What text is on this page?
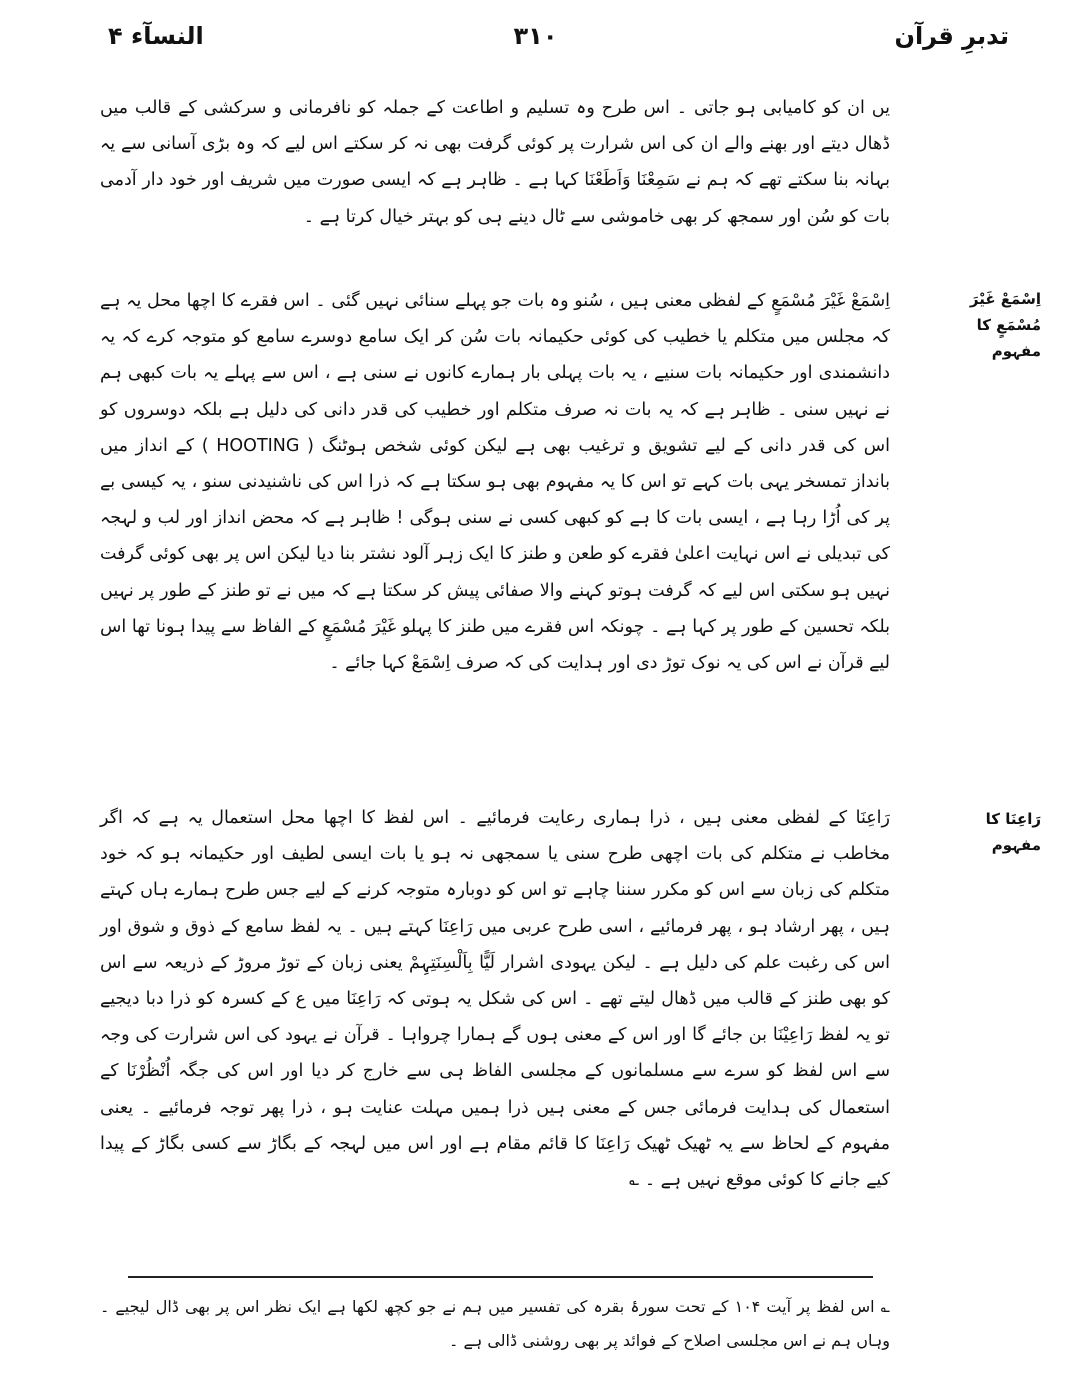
تدبرِ قرآن
۳۱۰
النسآء ۴

یں ان کو کامیابی ہو جاتی ۔ اس طرح وہ تسلیم و اطاعت کے جملہ کو نافرمانی و سرکشی کے قالب میں ڈھال دیتے اور بھنے والے ان کی اس شرارت پر کوئی گرفت بھی نہ کر سکتے اس لیے کہ وہ بڑی آسانی سے یہ بہانہ بنا سکتے تھے کہ ہم نے سَمِعْنَا وَاَطَعْنَا کہا ہے ۔ ظاہر ہے کہ ایسی صورت میں شریف اور خود دار آدمی بات کو سُن اور سمجھ کر بھی خاموشی سے ٹال دینے ہی کو بہتر خیال کرتا ہے ۔

اِسْمَعْ غَیْرَ مُسْمَعٍ کا مفہوم

اِسْمَعْ غَیْرَ مُسْمَعٍ کے لفظی معنی ہیں ، سُنو وہ بات جو پہلے سنائی نہیں گئی ۔ اس فقرے کا اچھا محل یہ ہے کہ مجلس میں متکلم یا خطیب کی کوئی حکیمانہ بات سُن کر ایک سامع دوسرے سامع کو متوجہ کرے کہ یہ دانشمندی اور حکیمانہ بات سنیے ، یہ بات پہلی بار ہمارے کانوں نے سنی ہے ، اس سے پہلے یہ بات کبھی ہم نے نہیں سنی ۔ ظاہر ہے کہ یہ بات نہ صرف متکلم اور خطیب کی قدر دانی کی دلیل ہے بلکہ دوسروں کو اس کی قدر دانی کے لیے تشویق و ترغیب بھی ہے لیکن کوئی شخص ہوٹنگ ( HOOTING ) کے انداز میں بانداز تمسخر یہی بات کہے تو اس کا یہ مفہوم بھی ہو سکتا ہے کہ ذرا اس کی ناشنیدنی سنو ، یہ کیسی بے پر کی اُڑا رہا ہے ، ایسی بات کا ہے کو کبھی کسی نے سنی ہوگی ! ظاہر ہے کہ محض انداز اور لب و لہجہ کی تبدیلی نے اس نہایت اعلیٰ فقرے کو طعن و طنز کا ایک زہر آلود نشتر بنا دیا لیکن اس پر بھی کوئی گرفت نہیں ہو سکتی اس لیے کہ گرفت ہوتو کہنے والا صفائی پیش کر سکتا ہے کہ میں نے تو طنز کے طور پر نہیں بلکہ تحسین کے طور پر کہا ہے ۔ چونکہ اس فقرے میں طنز کا پہلو غَیْرَ مُسْمَعٍ کے الفاظ سے پیدا ہونا تھا اس لیے قرآن نے اس کی یہ نوک توڑ دی اور ہدایت کی کہ صرف اِسْمَعْ کہا جائے ۔

رَاعِنَا کا مفہوم

رَاعِنَا کے لفظی معنی ہیں ، ذرا ہماری رعایت فرمائیے ۔ اس لفظ کا اچھا محل استعمال یہ ہے کہ اگر مخاطب نے متکلم کی بات اچھی طرح سنی یا سمجھی نہ ہو یا بات ایسی لطیف اور حکیمانہ ہو کہ خود متکلم کی زبان سے اس کو مکرر سننا چاہے تو اس کو دوبارہ متوجہ کرنے کے لیے جس طرح ہمارے ہاں کہتے ہیں ، پھر ارشاد ہو ، پھر فرمائیے ، اسی طرح عربی میں رَاعِنَا کہتے ہیں ۔ یہ لفظ سامع کے ذوق و شوق اور اس کی رغبت علم کی دلیل ہے ۔ لیکن یہودی اشرار لَیًّا بِاَلْسِنَتِہِمْ یعنی زبان کے توڑ مروڑ کے ذریعہ سے اس کو بھی طنز کے قالب میں ڈھال لیتے تھے ۔ اس کی شکل یہ ہوتی کہ رَاعِنَا میں ع کے کسرہ کو ذرا دبا دیجیے تو یہ لفظ رَاعِیْنَا بن جائے گا اور اس کے معنی ہوں گے ہمارا چرواہا ۔ قرآن نے یہود کی اس شرارت کی وجہ سے اس لفظ کو سرے سے مسلمانوں کے مجلسی الفاظ ہی سے خارج کر دیا اور اس کی جگہ اُنْظُرْنَا کے استعمال کی ہدایت فرمائی جس کے معنی ہیں ذرا ہمیں مہلت عنایت ہو ، ذرا پھر توجہ فرمائیے ۔ یعنی مفہوم کے لحاظ سے یہ ٹھیک ٹھیک رَاعِنَا کا قائم مقام ہے اور اس میں لہجہ کے بگاڑ سے کسی بگاڑ کے پیدا کیے جانے کا کوئی موقع نہیں ہے ۔ ؎

؎ اس لفظ پر آیت ۱۰۴ کے تحت سورۂ بقرہ کی تفسیر میں ہم نے جو کچھ لکھا ہے ایک نظر اس پر بھی ڈال لیجیے ۔ وہاں ہم نے اس مجلسی اصلاح کے فوائد پر بھی روشنی ڈالی ہے ۔
